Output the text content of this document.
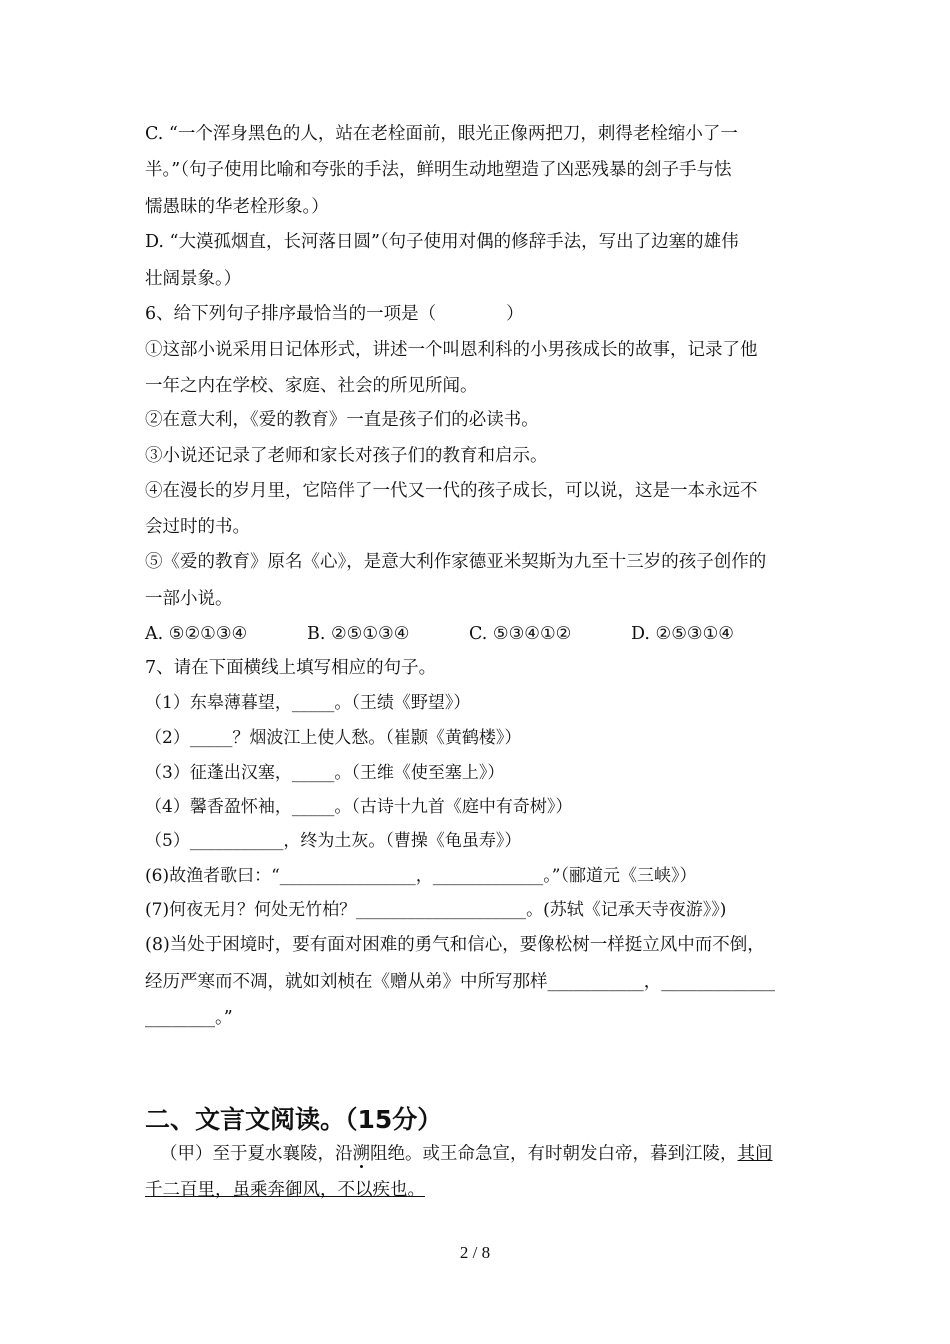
C. “一个浑身黑色的人，站在老栓面前，眼光正像两把刀，刺得老栓缩小了一
半。”（句子使用比喻和夸张的手法，鲜明生动地塑造了凶恶残暴的刽子手与怯
懦愚昧的华老栓形象。）
D. “大漠孤烟直，长河落日圆”（句子使用对偶的修辞手法，写出了边塞的雄伟
壮阔景象。）
6、给下列句子排序最恰当的一项是（　　　　）
①这部小说采用日记体形式，讲述一个叫恩利科的小男孩成长的故事，记录了他
一年之内在学校、家庭、社会的所见所闻。
②在意大利，《爱的教育》一直是孩子们的必读书。
③小说还记录了老师和家长对孩子们的教育和启示。
④在漫长的岁月里，它陪伴了一代又一代的孩子成长，可以说，这是一本永远不
会过时的书。
⑤《爱的教育》原名《心》，是意大利作家德亚米契斯为九至十三岁的孩子创作的
一部小说。
A. ⑤②①③④	B. ②⑤①③④	C. ⑤③④①②	D. ②⑤③①④
7、请在下面横线上填写相应的句子。
（1）东皋薄暮望，_____。（王绩《野望》）
（2）_____？烟波江上使人愁。（崔颢《黄鹤楼》）
（3）征蓬出汉塞，_____。（王维《使至塞上》）
（4）馨香盈怀袖，_____。（古诗十九首《庭中有奇树》）
（5）___________，终为土灰。（曹操《龟虽寿》）
(6)故渔者歌曰：“________________，_____________。”（郦道元《三峡》）
(7)何夜无月？何处无竹柏？____________________。(苏轼《记承天寺夜游》》)
(8)当处于困境时，要有面对困难的勇气和信心，要像松树一样挺立风中而不倒，
经历严寒而不凋，就如刘桢在《赠从弟》中所写那样___________，_____________
________。”
二、文言文阅读。（15分）
（甲）至于夏水襄陵，沿溯阻绝。或王命急宣，有时朝发白帝，暮到江陵，其间
千二百里，虽乘奔御风，不以疾也。
2 / 8
